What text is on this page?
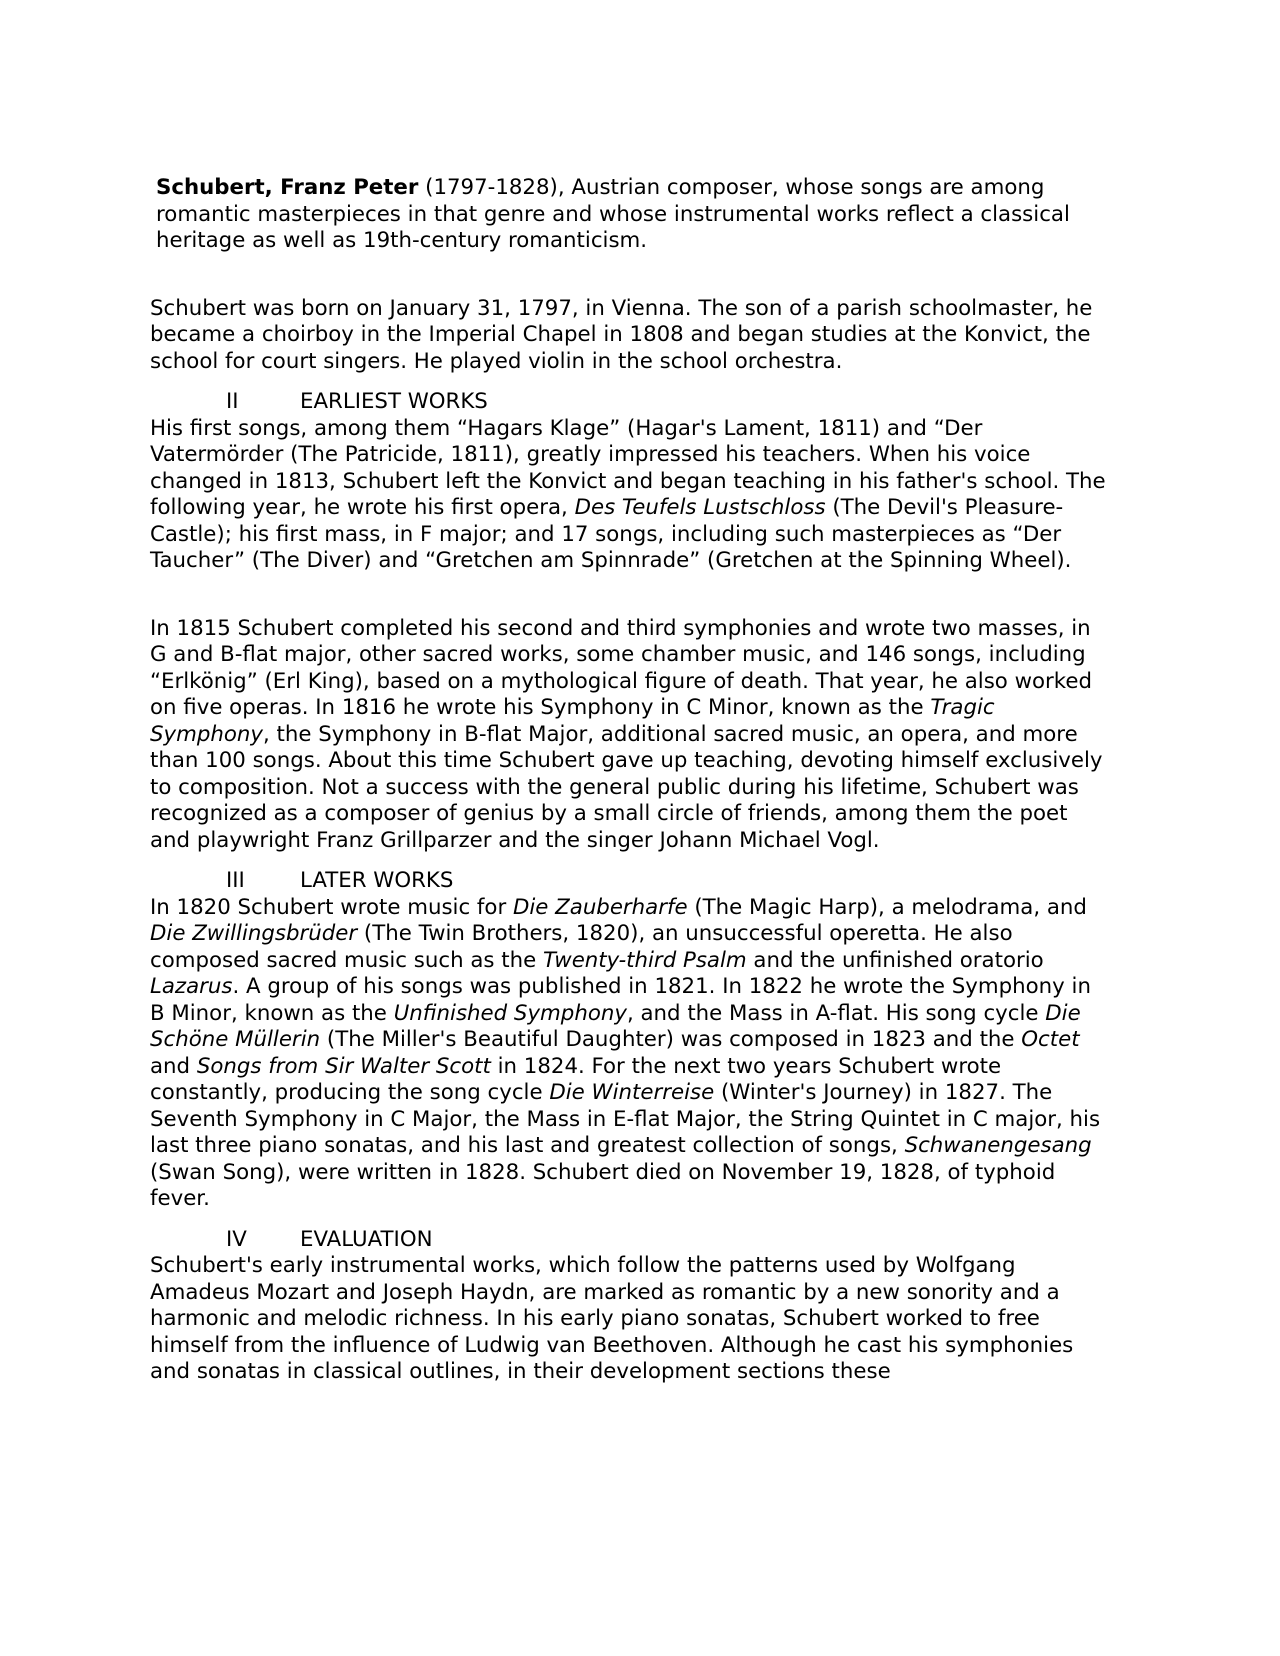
Schubert, Franz Peter (1797-1828), Austrian composer, whose songs are among romantic masterpieces in that genre and whose instrumental works reflect a classical heritage as well as 19th-century romanticism.

Schubert was born on January 31, 1797, in Vienna. The son of a parish schoolmaster, he became a choirboy in the Imperial Chapel in 1808 and began studies at the Konvict, the school for court singers. He played violin in the school orchestra.

II	EARLIEST WORKS

His first songs, among them “Hagars Klage” (Hagar's Lament, 1811) and “Der Vatermörder (The Patricide, 1811), greatly impressed his teachers. When his voice changed in 1813, Schubert left the Konvict and began teaching in his father's school. The following year, he wrote his first opera, Des Teufels Lustschloss (The Devil's Pleasure-Castle); his first mass, in F major; and 17 songs, including such masterpieces as “Der Taucher” (The Diver) and “Gretchen am Spinnrade” (Gretchen at the Spinning Wheel).

In 1815 Schubert completed his second and third symphonies and wrote two masses, in G and B-flat major, other sacred works, some chamber music, and 146 songs, including “Erlkönig” (Erl King), based on a mythological figure of death. That year, he also worked on five operas. In 1816 he wrote his Symphony in C Minor, known as the Tragic Symphony, the Symphony in B-flat Major, additional sacred music, an opera, and more than 100 songs. About this time Schubert gave up teaching, devoting himself exclusively to composition. Not a success with the general public during his lifetime, Schubert was recognized as a composer of genius by a small circle of friends, among them the poet and playwright Franz Grillparzer and the singer Johann Michael Vogl.

III	LATER WORKS

In 1820 Schubert wrote music for Die Zauberharfe (The Magic Harp), a melodrama, and Die Zwillingsbrüder (The Twin Brothers, 1820), an unsuccessful operetta. He also composed sacred music such as the Twenty-third Psalm and the unfinished oratorio Lazarus. A group of his songs was published in 1821. In 1822 he wrote the Symphony in B Minor, known as the Unfinished Symphony, and the Mass in A-flat. His song cycle Die Schöne Müllerin (The Miller's Beautiful Daughter) was composed in 1823 and the Octet and Songs from Sir Walter Scott in 1824. For the next two years Schubert wrote constantly, producing the song cycle Die Winterreise (Winter's Journey) in 1827. The Seventh Symphony in C Major, the Mass in E-flat Major, the String Quintet in C major, his last three piano sonatas, and his last and greatest collection of songs, Schwanengesang (Swan Song), were written in 1828. Schubert died on November 19, 1828, of typhoid fever.

IV	EVALUATION

Schubert's early instrumental works, which follow the patterns used by Wolfgang Amadeus Mozart and Joseph Haydn, are marked as romantic by a new sonority and a harmonic and melodic richness. In his early piano sonatas, Schubert worked to free himself from the influence of Ludwig van Beethoven. Although he cast his symphonies and sonatas in classical outlines, in their development sections these
